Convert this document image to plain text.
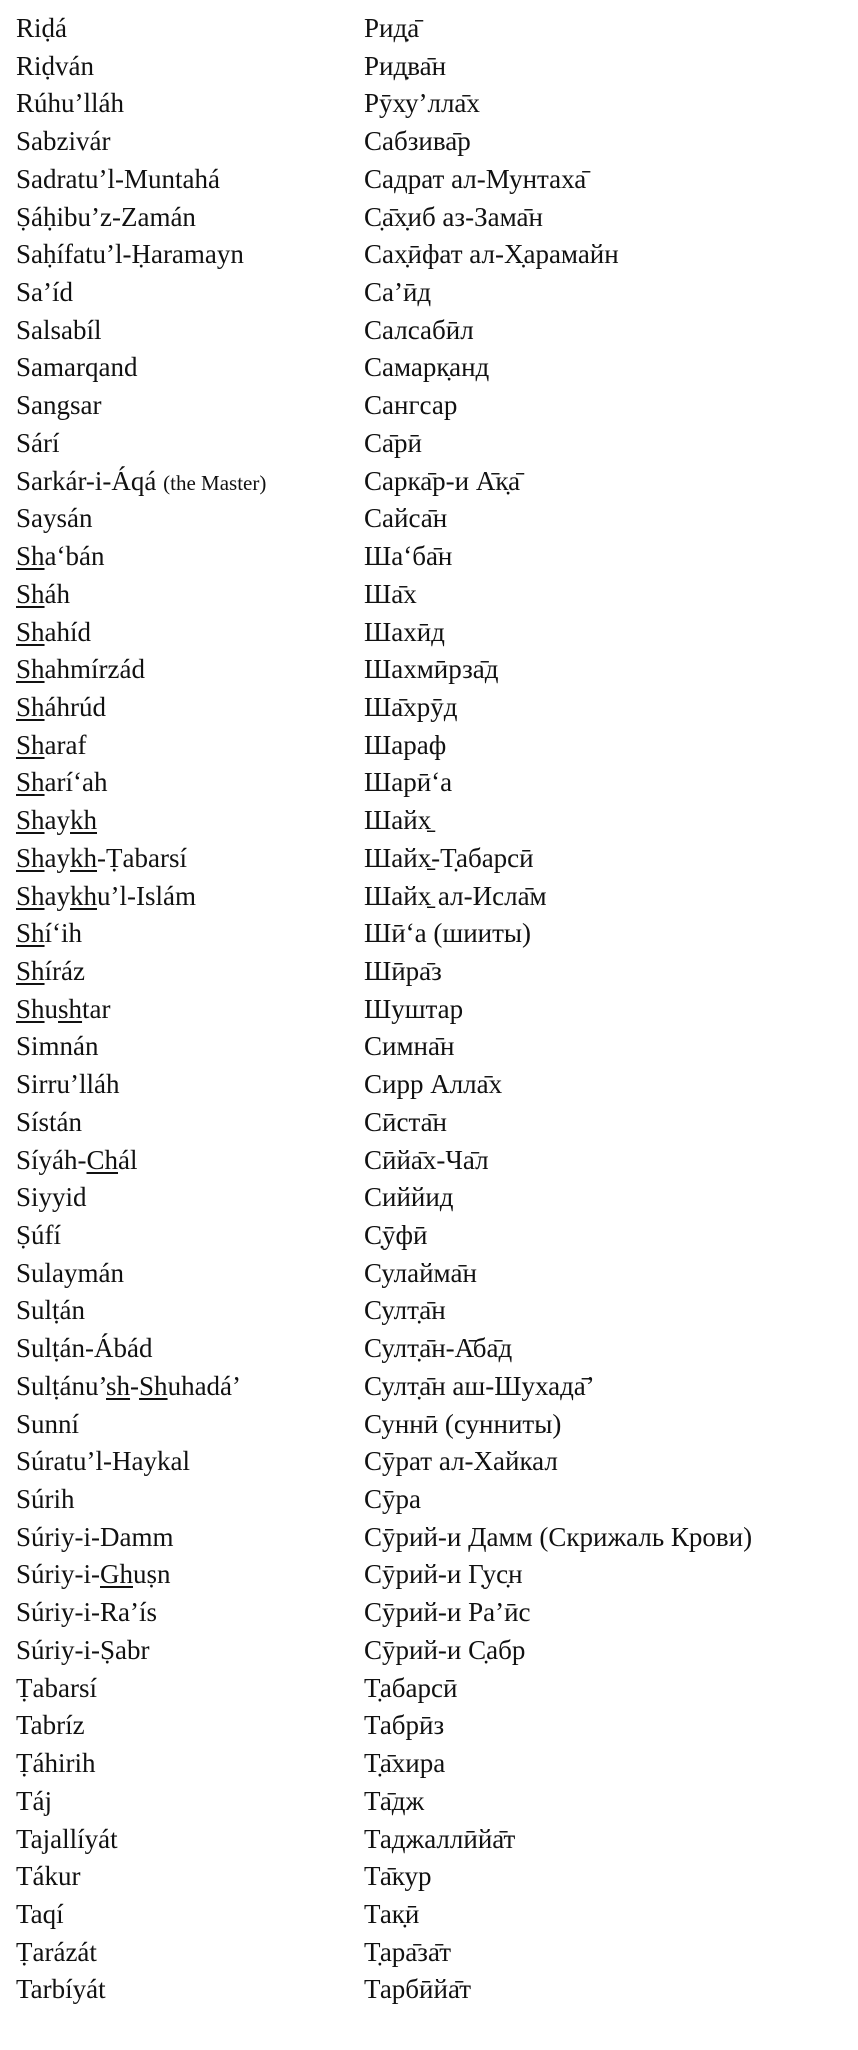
Riḍá	Рид̣а̄
Riḍván	Рид̣ва̄н
Rúhu’lláh	Рӯху’лла̄х
Sabzivár	Сабзива̄р
Sadratu’l-Muntahá	Садрат ал-Мунтаха̄
Ṣáḥibu’z-Zamán	С̣а̄х̣иб аз-Зама̄н
Saḥífatu’l-Ḥaramayn	Сах̣ӣфат ал-Х̣арамайн
Sa’íd	Са’ӣд
Salsabíl	Салсабӣл
Samarqand	Самарк̣анд
Sangsar	Сангсар
Sárí	Са̄рӣ
Sarkár-i-Áqá (the Master)	Сарка̄р-и А̄к̣а̄
Saysán	Сайса̄н
Sha‘bán	Ша‘ба̄н
Sháh	Ша̄х
Shahíd	Шахӣд
Shahmírzád	Шахмӣрза̄д
Sháhrúd	Ша̄хрӯд
Sharaf	Шараф
Sharí‘ah	Шарӣ‘а
Shaykh	Шайх̱
Shaykh-Ṭabarsí	Шайх̱-Т̣абарсӣ
Shaykhu’l-Islám	Шайх̱ ал-Исла̄м
Shí‘ih	Шӣ‘а (шииты)
Shíráz	Шӣра̄з
Shushtar	Шуштар
Simnán	Симна̄н
Sirru’lláh	Сирр Алла̄х
Sístán	Сӣста̄н
Síyáh-Chál	Сӣйа̄х-Ча̄л
Siyyid	Сиййид
Ṣúfí	С̣ӯфӣ
Sulaymán	Сулайма̄н
Sulṭán	Султ̣а̄н
Sulṭán-Ábád	Султ̣а̄н-А̄ба̄д
Sulṭánu’sh-Shuhadá’	Султ̣а̄н аш-Шухада̄’
Sunní	Суннӣ (сунниты)
Súratu’l-Haykal	Сӯрат ал-Хайкал
Súrih	Сӯра
Súriy-i-Damm	Сӯрий-и Дамм (Скрижаль Крови)
Súriy-i-Ghuṣn	Сӯрий-и Г̣ус̣н
Súriy-i-Ra’ís	Сӯрий-и Ра’ӣс
Súriy-i-Ṣabr	Сӯрий-и С̣абр
Ṭabarsí	Т̣абарсӣ
Tabríz	Табрӣз
Ṭáhirih	Т̣а̄хира
Táj	Та̄дж
Tajallíyát	Таджаллӣйа̄т
Tákur	Та̄кур
Taqí	Так̣ӣ
Ṭarázát	Т̣ара̄за̄т
Tarbíyát	Тарбӣйа̄т
